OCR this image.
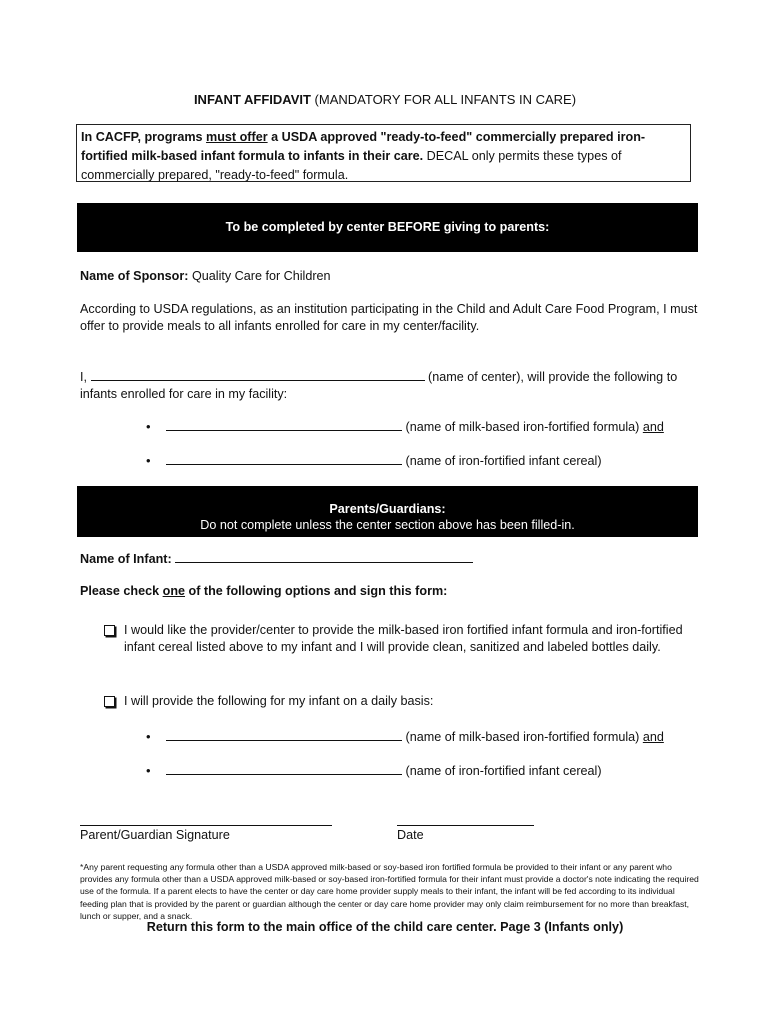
INFANT AFFIDAVIT (MANDATORY FOR ALL INFANTS IN CARE)
In CACFP, programs must offer a USDA approved "ready-to-feed" commercially prepared iron-fortified milk-based infant formula to infants in their care. DECAL only permits these types of commercially prepared, "ready-to-feed" formula.
To be completed by center BEFORE giving to parents:
Name of Sponsor: Quality Care for Children
According to USDA regulations, as an institution participating in the Child and Adult Care Food Program, I must offer to provide meals to all infants enrolled for care in my center/facility.
I,	(name of center), will provide the following to
infants enrolled for care in my facility:
•	(name of milk-based iron-fortified formula) and
•	(name of iron-fortified infant cereal)
Parents/Guardians:
Do not complete unless the center section above has been filled-in.
Name of Infant:
Please check one of the following options and sign this form:
I would like the provider/center to provide the milk-based iron fortified infant formula and iron-fortified infant cereal listed above to my infant and I will provide clean, sanitized and labeled bottles daily.
I will provide the following for my infant on a daily basis:
•	(name of milk-based iron-fortified formula) and
•	(name of iron-fortified infant cereal)
Parent/Guardian Signature	Date
*Any parent requesting any formula other than a USDA approved milk-based or soy-based iron fortified formula be provided to their infant or any parent who provides any formula other than a USDA approved milk-based or soy-based iron-fortified formula for their infant must provide a doctor's note indicating the required use of the formula. If a parent elects to have the center or day care home provider supply meals to their infant, the infant will be fed according to its individual feeding plan that is provided by the parent or guardian although the center or day care home provider may only claim reimbursement for no more than breakfast, lunch or supper, and a snack.
Return this form to the main office of the child care center. Page 3 (Infants only)
